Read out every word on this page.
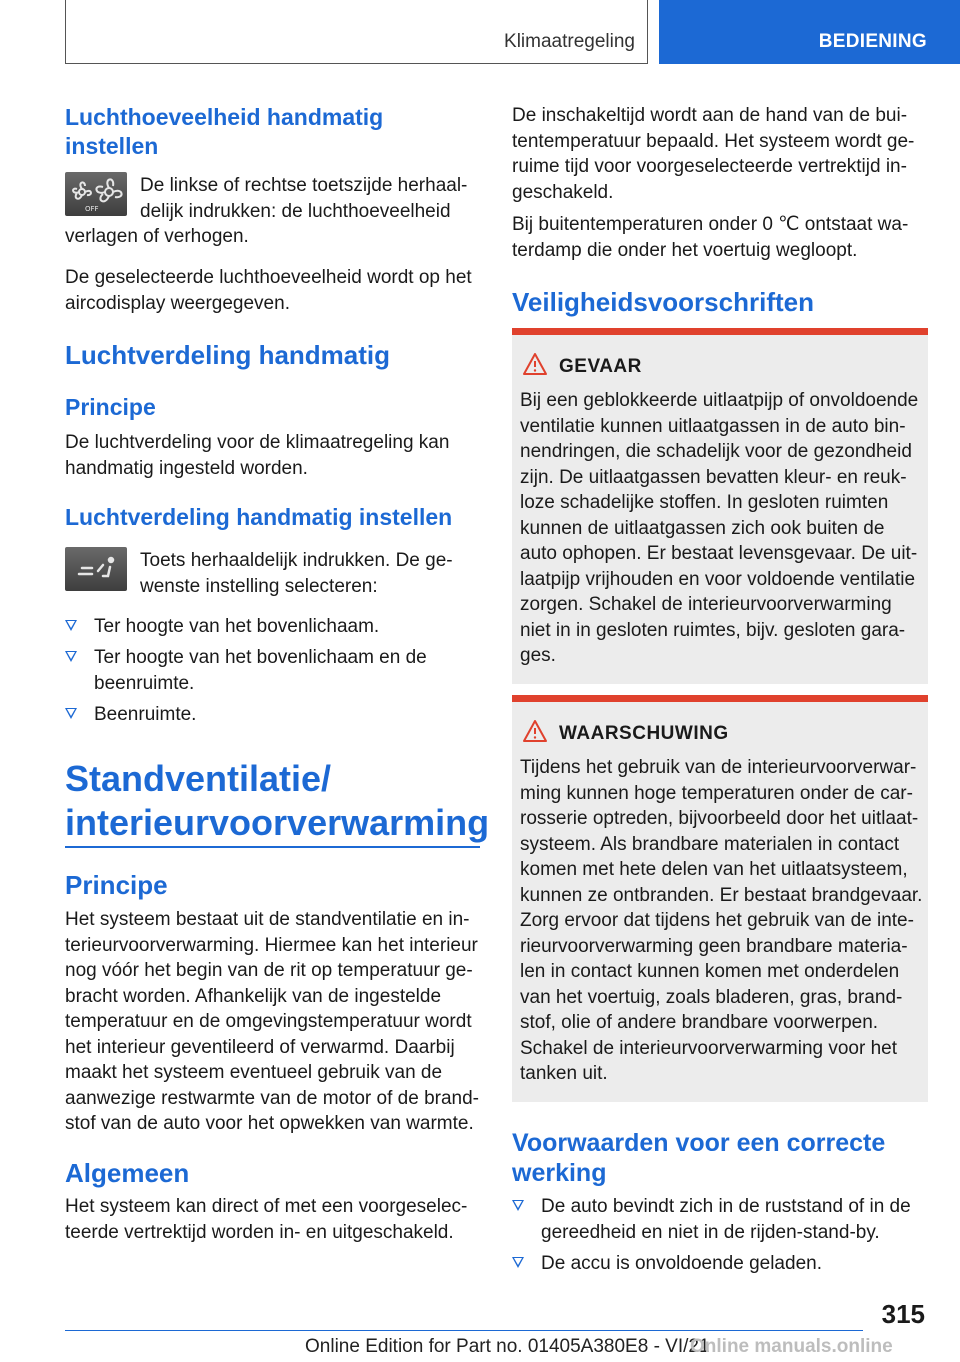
Klimaatregeling	BEDIENING
Luchthoeveelheid handmatig instellen
OFF

De linkse of rechtse toetszijde herhaal-
delijk indrukken: de luchthoeveelheid

verlagen of verhogen.

De geselecteerde luchthoeveelheid wordt op het aircodisplay weergegeven.

Luchtverdeling handmatig
Principe

De luchtverdeling voor de klimaatregeling kan handmatig ingesteld worden.

Luchtverdeling handmatig instellen

Toets herhaaldelijk indrukken. De ge-wenste instelling selecteren:

Ter hoogte van het bovenlichaam.
Ter hoogte van het bovenlichaam en de beenruimte.
Beenruimte.
Standventilatie/ interieurvoorverwarming
Principe

Het systeem bestaat uit de standventilatie en in-terieurvoorverwarming. Hiermee kan het interieur nog vóór het begin van de rit op temperatuur ge-bracht worden. Afhankelijk van de ingestelde temperatuur en de omgevingstemperatuur wordt het interieur geventileerd of verwarmd. Daarbij maakt het systeem eventueel gebruik van de aanwezige restwarmte van de motor of de brand-stof van de auto voor het opwekken van warmte.

Algemeen

Het systeem kan direct of met een voorgeselec-teerde vertrektijd worden in- en uitgeschakeld.

De inschakeltijd wordt aan de hand van de bui-tentemperatuur bepaald. Het systeem wordt ge-ruime tijd voor voorgeselecteerde vertrektijd in-geschakeld.

Bij buitentemperaturen onder 0 ℃ ontstaat wa-terdamp die onder het voertuig wegloopt.

Veiligheidsvoorschriften
GEVAAR

Bij een geblokkeerde uitlaatpijp of onvoldoende ventilatie kunnen uitlaatgassen in de auto bin-nendringen, die schadelijk voor de gezondheid zijn. De uitlaatgassen bevatten kleur- en reuk-loze schadelijke stoffen. In gesloten ruimten kunnen de uitlaatgassen zich ook buiten de auto ophopen. Er bestaat levensgevaar. De uit-laatpijp vrijhouden en voor voldoende ventilatie zorgen. Schakel de interieurvoorverwarming niet in in gesloten ruimtes, bijv. gesloten gara-ges.

WAARSCHUWING

Tijdens het gebruik van de interieurvoorverwar-ming kunnen hoge temperaturen onder de car-rosserie optreden, bijvoorbeeld door het uitlaat-systeem. Als brandbare materialen in contact komen met hete delen van het uitlaatsysteem, kunnen ze ontbranden. Er bestaat brandgevaar. Zorg ervoor dat tijdens het gebruik van de inte-rieurvoorverwarming geen brandbare materia-len in contact kunnen komen met onderdelen van het voertuig, zoals bladeren, gras, brand-stof, olie of andere brandbare voorwerpen. Schakel de interieurvoorverwarming voor het tanken uit.

Voorwaarden voor een correcte werking
De auto bevindt zich in de ruststand of in de gereedheid en niet in de rijden-stand-by.
De accu is onvoldoende geladen.
315
Online Edition for Part no. 01405A380E8 - VI/21
Online manuals.online
